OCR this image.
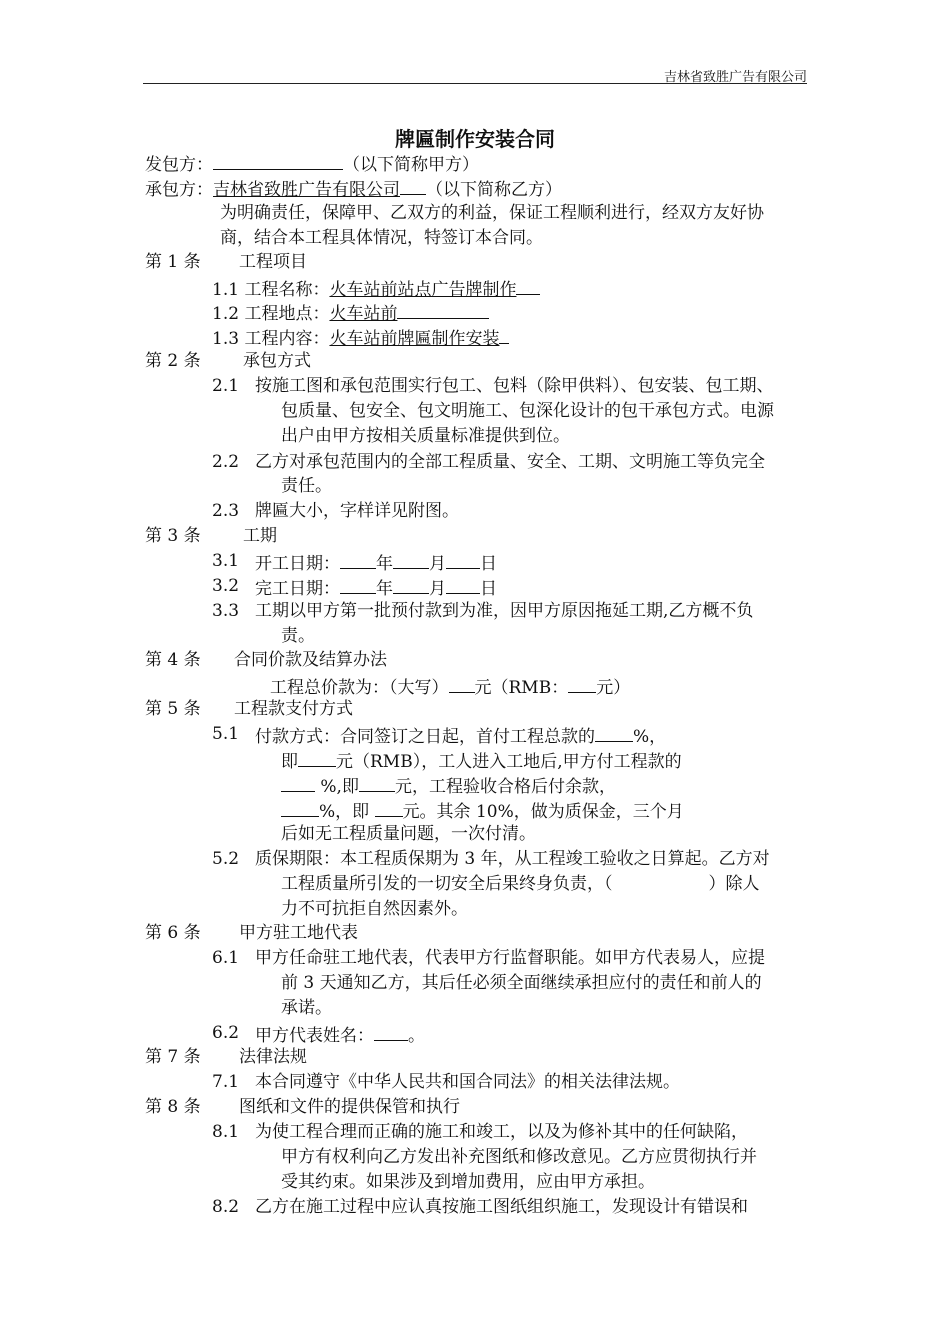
吉林省致胜广告有限公司
牌匾制作安装合同
发包方：	（以下简称甲方）
承包方：吉林省致胜广告有限公司 （以下简称乙方）
为明确责任，保障甲、乙双方的利益，保证工程顺利进行，经双方友好协
商，结合本工程具体情况，特签订本合同。
第 1 条 工程项目
1.1 工程名称：火车站前站点广告牌制作
1.2 工程地点：火车站前
1.3 工程内容：火车站前牌匾制作安装
第 2 条 承包方式
2.1 按施工图和承包范围实行包工、包料（除甲供料）、包安装、包工期、
包质量、包安全、包文明施工、包深化设计的包干承包方式。电源
出户由甲方按相关质量标准提供到位。
2.2 乙方对承包范围内的全部工程质量、安全、工期、文明施工等负完全
责任。
2.3 牌匾大小，字样详见附图。
第 3 条 工期
3.1 开工日期： 年 月 日
3.2 完工日期： 年 月 日
3.3 工期以甲方第一批预付款到为准，因甲方原因拖延工期,乙方概不负
责。
第 4 条 合同价款及结算办法
工程总价款为：（大写） 元（RMB： 元）
第 5 条 工程款支付方式
5.1 付款方式：合同签订之日起，首付工程总款的 %，
即 元（RMB），工人进入工地后,甲方付工程款的
%,即 元，工程验收合格后付余款，
%，即 元。其余 10%，做为质保金，三个月
后如无工程质量问题，一次付清。
5.2 质保期限：本工程质保期为 3 年，从工程竣工验收之日算起。乙方对
工程质量所引发的一切安全后果终身负责，（	）除人
力不可抗拒自然因素外。
第 6 条 甲方驻工地代表
6.1 甲方任命驻工地代表，代表甲方行监督职能。如甲方代表易人，应提
前 3 天通知乙方，其后任必须全面继续承担应付的责任和前人的
承诺。
6.2 甲方代表姓名： 。
第 7 条 法律法规
7.1 本合同遵守《中华人民共和国合同法》的相关法律法规。
第 8 条 图纸和文件的提供保管和执行
8.1 为使工程合理而正确的施工和竣工，以及为修补其中的任何缺陷，
甲方有权利向乙方发出补充图纸和修改意见。乙方应贯彻执行并
受其约束。如果涉及到增加费用，应由甲方承担。
8.2 乙方在施工过程中应认真按施工图纸组织施工，发现设计有错误和
